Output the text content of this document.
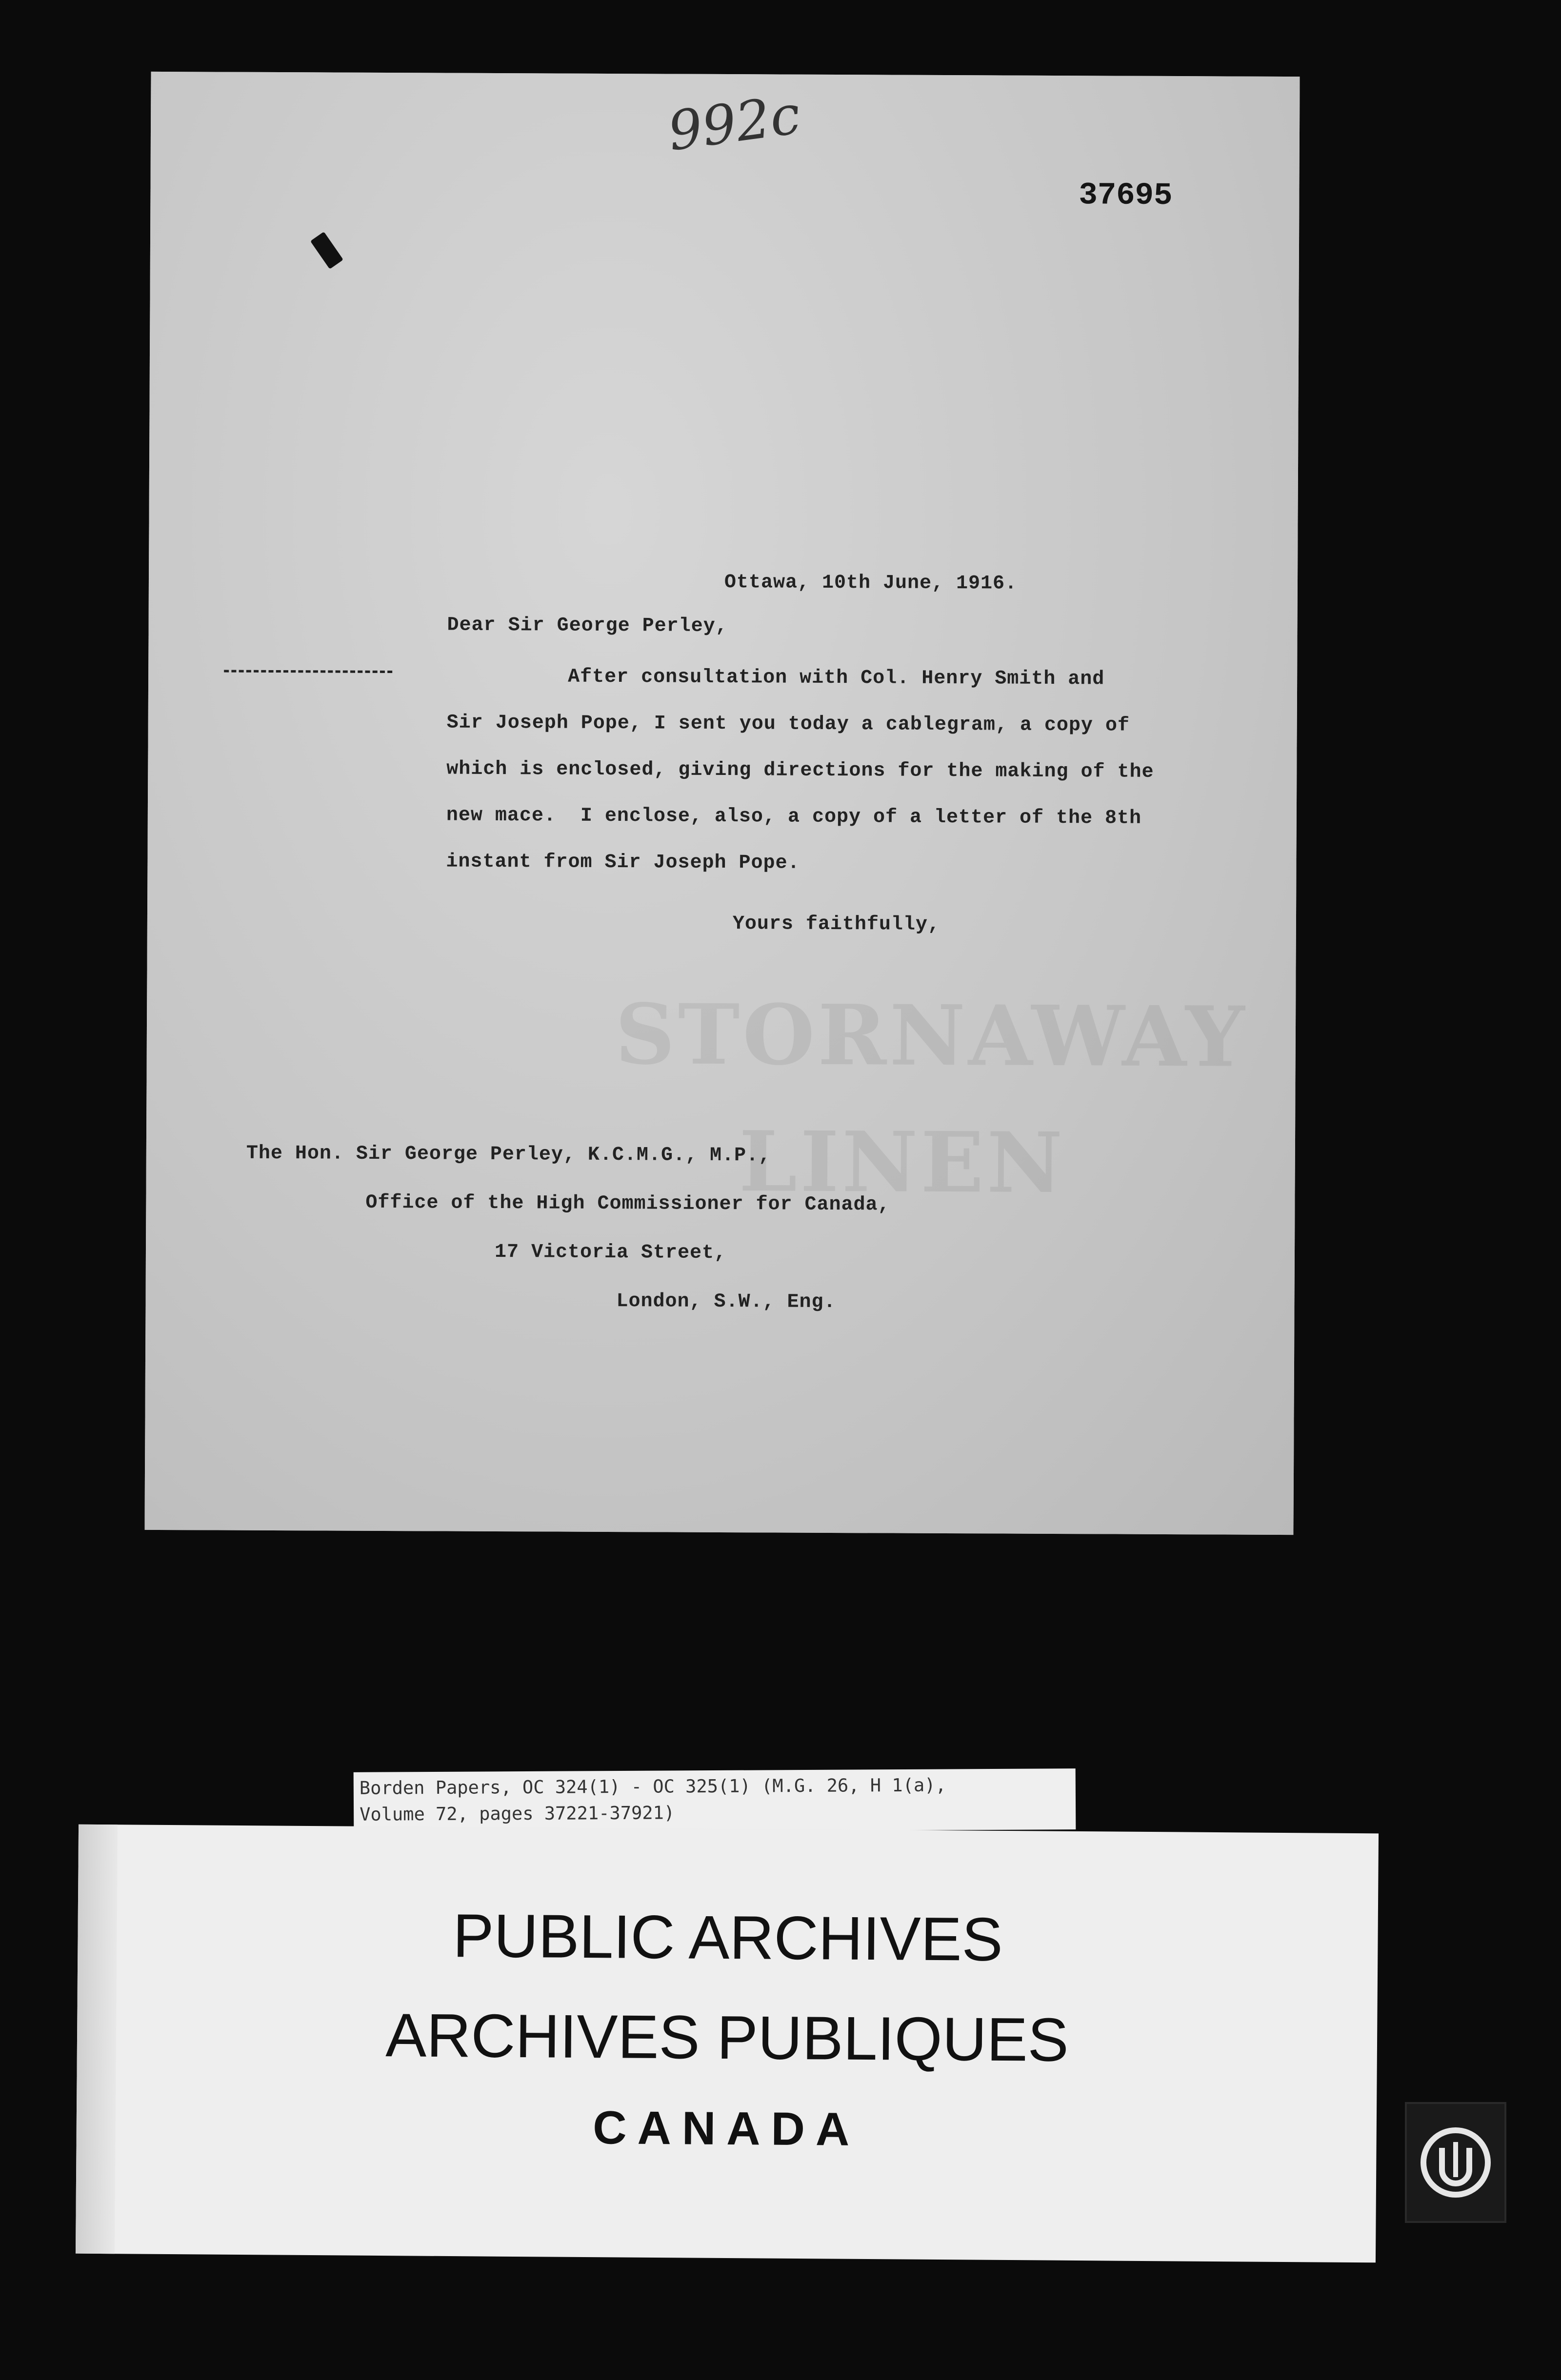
992c
37695
STORNAWAY
LINEN
Ottawa, 10th June, 1916.
Dear Sir George Perley,
After consultation with Col. Henry Smith and
Sir Joseph Pope, I sent you today a cablegram, a copy of
which is enclosed, giving directions for the making of the
new mace.  I enclose, also, a copy of a letter of the 8th
instant from Sir Joseph Pope.
Yours faithfully,
The Hon. Sir George Perley, K.C.M.G., M.P.,
Office of the High Commissioner for Canada,
17 Victoria Street,
London, S.W., Eng.
Borden Papers, OC 324(1) - OC 325(1) (M.G. 26, H 1(a),
Volume 72, pages 37221-37921)
PUBLIC ARCHIVES
ARCHIVES PUBLIQUES
CANADA
